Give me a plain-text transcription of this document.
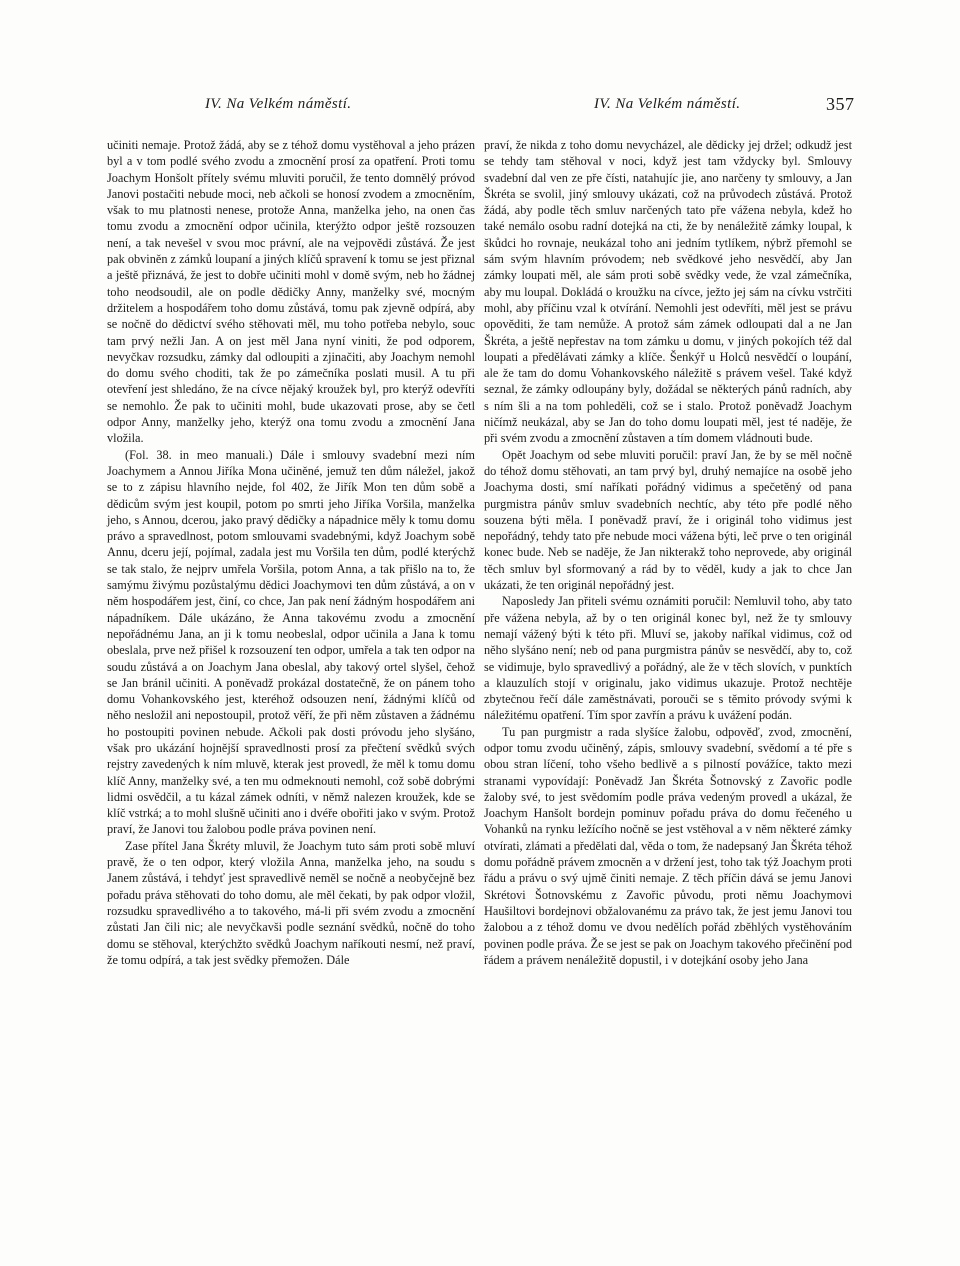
IV. Na Velkém náměstí.	IV. Na Velkém náměstí.	357

učiniti nemaje. Protož žádá, aby se z téhož domu vystěhoval a jeho prázen byl a v tom podlé svého zvodu a zmocnění prosí za opatření. Proti tomu Joachym Honšolt přítely svému mluviti poručil, že tento domnělý próvod Janovi postačiti nebude moci, neb ačkoli se honosí zvodem a zmocněním, však to mu platnosti nenese, protože Anna, manželka jeho, na onen čas tomu zvodu a zmocnění odpor učinila, kterýžto odpor ještě rozsouzen není, a tak nevešel v svou moc právní, ale na vejpovědi zůstává. Že jest pak obviněn z zámků loupaní a jiných klíčů spravení k tomu se jest přiznal a ještě přiznává, že jest to dobře učiniti mohl v domě svým, neb ho žádnej toho neodsoudil, ale on podle dědičky Anny, manželky své, mocným držitelem a hospodářem toho domu zůstává, tomu pak zjevně odpírá, aby se nočně do dědictví svého stěhovati měl, mu toho potřeba nebylo, souc tam prvý nežli Jan. A on jest měl Jana nyní viniti, že pod odporem, nevyčkav rozsudku, zámky dal odloupiti a zjinačiti, aby Joachym nemohl do domu svého choditi, tak že po zámečníka poslati musil. A tu při otevření jest shledáno, že na cívce nějaký kroužek byl, pro kterýž odevříti se nemohlo. Že pak to učiniti mohl, bude ukazovati prose, aby se četl odpor Anny, manželky jeho, kterýž ona tomu zvodu a zmocnění Jana vložila.

(Fol. 38. in meo manuali.) Dále i smlouvy svadební mezi ním Joachymem a Annou Jiříka Mona učiněné, jemuž ten dům náležel, jakož se to z zápisu hlavního nejde, fol 402, že Jiřík Mon ten dům sobě a dědicům svým jest koupil, potom po smrti jeho Jiříka Voršila, manželka jeho, s Annou, dcerou, jako pravý dědičky a nápadnice měly k tomu domu právo a spravedlnost, potom smlouvami svadebnými, když Joachym sobě Annu, dceru její, pojímal, zadala jest mu Voršila ten dům, podlé kterýchž se tak stalo, že nejprv umřela Voršila, potom Anna, a tak přišlo na to, že samýmu živýmu pozůstalýmu dědici Joachymovi ten dům zůstává, a on v něm hospodářem jest, činí, co chce, Jan pak není žádným hospodářem ani nápadníkem. Dále ukázáno, že Anna takovému zvodu a zmocnění nepořádnému Jana, an ji k tomu neobeslal, odpor učinila a Jana k tomu obeslala, prve než přišel k rozsouzení ten odpor, umřela a tak ten odpor na soudu zůstává a on Joachym Jana obeslal, aby takový ortel slyšel, čehož se Jan bránil učiniti. A poněvadž prokázal dostatečně, že on pánem toho domu Vohankovského jest, kteréhož odsouzen není, žádnými klíčů od něho nesložil ani nepostoupil, protož věří, že při něm zůstaven a žádnému ho postoupiti povinen nebude. Ačkoli pak dosti próvodu jeho slyšáno, však pro ukázání hojnější spravedlnosti prosí za přečtení svědků svých rejstry zavedených k ním mluvě, kterak jest provedl, že měl k tomu domu klíč Anny, manželky své, a ten mu odmeknouti nemohl, což sobě dobrými lidmi osvědčil, a tu kázal zámek odníti, v němž nalezen kroužek, kde se klíč vstrká; a to mohl slušně učiniti ano i dvéře obořiti jako v svým. Protož praví, že Janovi tou žalobou podle práva povinen není.

Zase přítel Jana Škréty mluvil, že Joachym tuto sám proti sobě mluví pravě, že o ten odpor, který vložila Anna, manželka jeho, na soudu s Janem zůstává, i tehdyť jest spravedlivě neměl se nočně a neobyčejně bez pořadu práva stěhovati do toho domu, ale měl čekati, by pak odpor vložil, rozsudku spravedlivého a to takového, má-li při svém zvodu a zmocnění zůstati Jan čili nic; ale nevyčkavši podle seznání svědků, nočně do toho domu se stěhoval, kterýchžto svědků Joachym naříkouti nesmí, než praví, že tomu odpírá, a tak jest svědky přemožen. Dále

praví, že nikda z toho domu nevycházel, ale dědicky jej držel; odkudž jest se tehdy tam stěhoval v noci, když jest tam vždycky byl. Smlouvy svadební dal ven ze pře čísti, natahujíc jie, ano narčeny ty smlouvy, a Jan Škréta se svolil, jiný smlouvy ukázati, což na průvodech zůstává. Protož žádá, aby podle těch smluv narčených tato pře vážena nebyla, kdež ho také nemálo osobu radní dotejká na cti, že by nenáležitě zámky loupal, k škůdci ho rovnaje, neukázal toho ani jedním tytlíkem, nýbrž přemohl se sám svým hlavním próvodem; neb svědkové jeho nesvědčí, aby Jan zámky loupati měl, ale sám proti sobě svědky vede, že vzal zámečníka, aby mu loupal. Dokládá o kroužku na cívce, ježto jej sám na cívku vstrčiti mohl, aby příčinu vzal k otvírání. Nemohli jest odevříti, měl jest se právu opověditi, že tam nemůže. A protož sám zámek odloupati dal a ne Jan Škréta, a ještě nepřestav na tom zámku u domu, v jiných pokojích též dal loupati a předělávati zámky a klíče. Šenkýř u Holců nesvědčí o loupání, ale že tam do domu Vohankovského náležitě s právem vešel. Také když seznal, že zámky odloupány byly, dožádal se některých pánů radních, aby s ním šli a na tom pohleděli, což se i stalo. Protož poněvadž Joachym ničímž neukázal, aby se Jan do toho domu loupati měl, jest té naděje, že při svém zvodu a zmocnění zůstaven a tím domem vládnouti bude.

Opět Joachym od sebe mluviti poručil: praví Jan, že by se měl nočně do téhož domu stěhovati, an tam prvý byl, druhý nemajíce na osobě jeho Joachyma dosti, smí naříkati pořádný vidimus a spečetěný od pana purgmistra pánův smluv svadebních nechtíc, aby této pře podlé něho souzena býti měla. I poněvadž praví, že i originál toho vidimus jest nepořádný, tehdy tato pře nebude moci vážena býti, leč prve o ten originál konec bude. Neb se naděje, že Jan nikterakž toho neprovede, aby originál těch smluv byl sformovaný a rád by to věděl, kudy a jak to chce Jan ukázati, že ten originál nepořádný jest.

Naposledy Jan přiteli svému oznámiti poručil: Nemluvil toho, aby tato pře vážena nebyla, až by o ten originál konec byl, než že ty smlouvy nemají vážený býti k této při. Mluví se, jakoby naříkal vidimus, což od něho slyšáno není; neb od pana purgmistra pánův se nesvědčí, aby to, což se vidimuje, bylo spravedlivý a pořádný, ale že v těch slovích, v punktích a klauzulích stojí v originalu, jako vidimus ukazuje. Protož nechtěje zbytečnou řečí dále zaměstnávati, porouči se s těmito próvody svými k náležitému opatření. Tím spor zavřín a právu k uvážení podán.

Tu pan purgmistr a rada slyšíce žalobu, odpověď, zvod, zmocnění, odpor tomu zvodu učiněný, zápis, smlouvy svadební, svědomí a té pře s obou stran líčení, toho všeho bedlivě a s pilností povážíce, takto mezi stranami vypovídají: Poněvadž Jan Škréta Šotnovský z Zavořic podle žaloby své, to jest svědomím podle práva vedeným provedl a ukázal, že Joachym Hanšolt bordejn pominuv pořadu práva do domu řečeného u Vohanků na rynku ležícího nočně se jest vstěhoval a v něm některé zámky otvírati, zlámati a předělati dal, věda o tom, že nadepsaný Jan Škréta téhož domu pořádně právem zmocněn a v držení jest, toho tak týž Joachym proti řádu a právu o svý ujmě činiti nemaje. Z těch příčin dává se jemu Janovi Skrétovi Šotnovskému z Zavořic původu, proti němu Joachymovi Haušiltovi bordejnovi obžalovanému za právo tak, že jest jemu Janovi tou žalobou a z téhož domu ve dvou nedělích pořád zběhlých vystěhováním povinen podle práva. Že se jest se pak on Joachym takového přečinění pod řádem a právem nenáležitě dopustil, i v dotejkání osoby jeho Jana
